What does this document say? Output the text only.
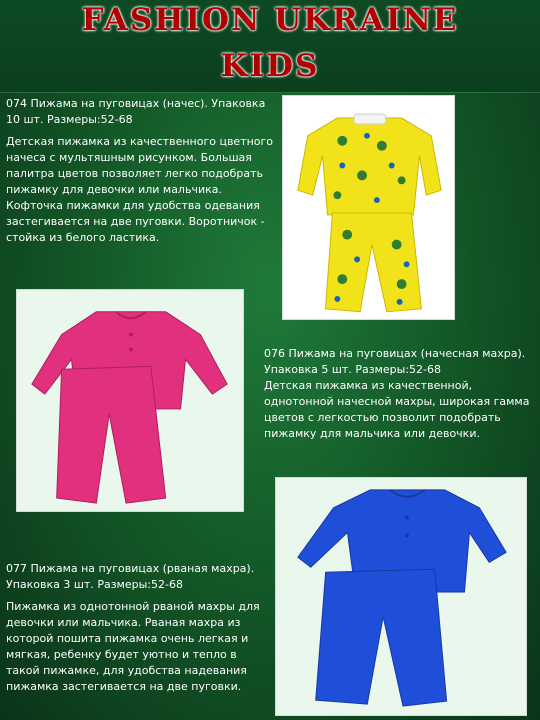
FASHION UKRAINE
KIDS

074 Пижама на пуговицах (начес). Упаковка 10 шт. Размеры:52-68

Детская пижамка из качественного цветного начеса с мультяшным рисунком. Большая палитра цветов позволяет легко подобрать пижамку для девочки или мальчика. Кофточка пижамки для удобства одевания застегивается на две пуговки. Воротничок - стойка из белого ластика.

076 Пижама на пуговицах (начесная махра). Упаковка 5 шт. Размеры:52-68

Детская пижамка из качественной, однотонной начесной махры, широкая гамма цветов с легкостью позволит подобрать пижамку для мальчика или девочки.

077 Пижама на пуговицах (рваная махра). Упаковка 3 шт. Размеры:52-68

Пижамка из однотонной рваной махры для девочки или мальчика. Рваная махра из которой пошита пижамка очень легкая и мягкая, ребенку будет уютно и тепло в такой пижамке, для удобства надевания пижамка застегивается на две пуговки.
